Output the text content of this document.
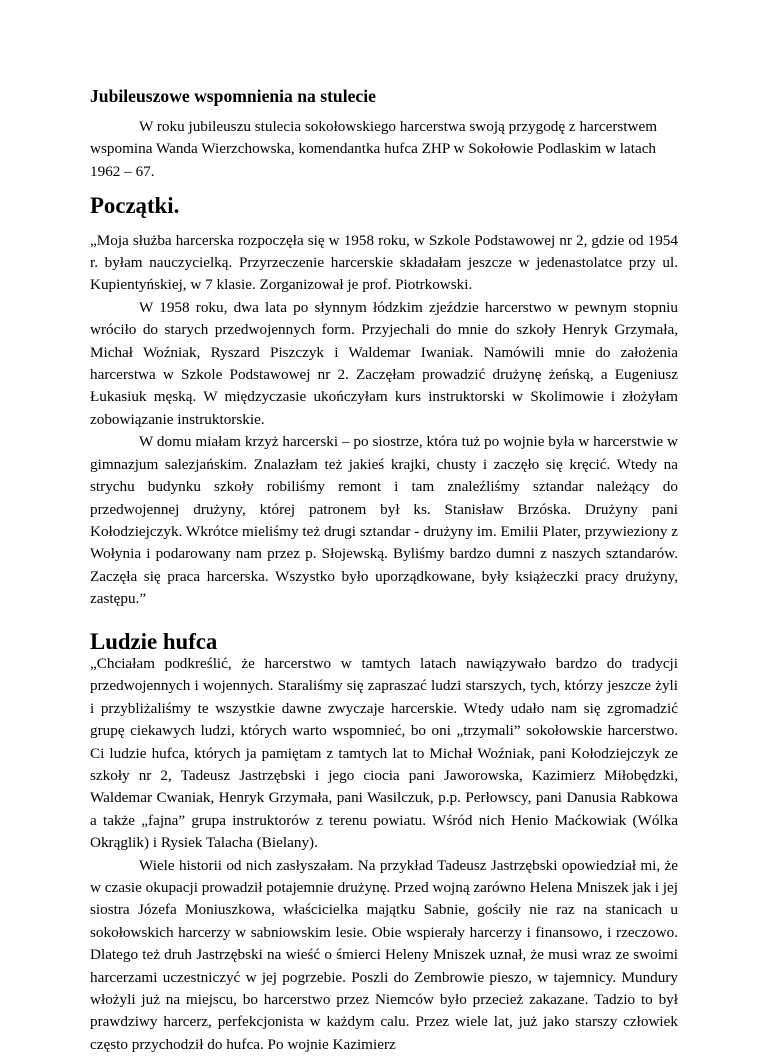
Jubileuszowe wspomnienia na stulecie

W roku jubileuszu stulecia sokołowskiego harcerstwa swoją przygodę z harcerstwem wspomina Wanda Wierzchowska, komendantka hufca ZHP w Sokołowie Podlaskim w latach 1962 – 67.

Początki.

„Moja służba harcerska rozpoczęła się w 1958 roku, w Szkole Podstawowej nr 2, gdzie od 1954 r. byłam nauczycielką. Przyrzeczenie harcerskie składałam jeszcze w jedenastolatce przy ul. Kupientyńskiej, w 7 klasie. Zorganizował je prof. Piotrkowski.

W 1958 roku, dwa lata po słynnym łódzkim zjeździe harcerstwo w pewnym stopniu wróciło do starych przedwojennych form. Przyjechali do mnie do szkoły Henryk Grzymała, Michał Woźniak, Ryszard Piszczyk i Waldemar Iwaniak. Namówili mnie do założenia harcerstwa w Szkole Podstawowej nr 2. Zaczęłam prowadzić drużynę żeńską, a Eugeniusz Łukasiuk męską. W międzyczasie ukończyłam kurs instruktorski w Skolimowie i złożyłam zobowiązanie instruktorskie.

W domu miałam krzyż harcerski – po siostrze, która tuż po wojnie była w harcerstwie w gimnazjum salezjańskim. Znalazłam też jakieś krajki, chusty i zaczęło się kręcić. Wtedy na strychu budynku szkoły robiliśmy remont i tam znaleźliśmy sztandar należący do przedwojennej drużyny, której patronem był ks. Stanisław Brzóska. Drużyny pani Kołodziejczyk. Wkrótce mieliśmy też drugi sztandar - drużyny im. Emilii Plater, przywieziony z Wołynia i podarowany nam przez p. Słojewską. Byliśmy bardzo dumni z naszych sztandarów. Zaczęła się praca harcerska. Wszystko było uporządkowane, były książeczki pracy drużyny, zastępu.”

Ludzie hufca

„Chciałam podkreślić, że harcerstwo w tamtych latach nawiązywało bardzo do tradycji przedwojennych i wojennych. Staraliśmy się zapraszać ludzi starszych, tych, którzy jeszcze żyli i przybliżaliśmy te wszystkie dawne zwyczaje harcerskie. Wtedy udało nam się zgromadzić grupę ciekawych ludzi, których warto wspomnieć, bo oni „trzymali” sokołowskie harcerstwo. Ci ludzie hufca, których ja pamiętam z tamtych lat to Michał Woźniak, pani Kołodziejczyk ze szkoły nr 2, Tadeusz Jastrzębski i jego ciocia pani Jaworowska, Kazimierz Miłobędzki, Waldemar Cwaniak, Henryk Grzymała, pani Wasilczuk, p.p. Perłowscy, pani Danusia Rabkowa a także „fajna” grupa instruktorów z terenu powiatu. Wśród nich Henio Maćkowiak (Wólka Okrąglik) i Rysiek Talacha (Bielany).

Wiele historii od nich zasłyszałam. Na przykład Tadeusz Jastrzębski opowiedział mi, że w czasie okupacji prowadził potajemnie drużynę. Przed wojną zarówno Helena Mniszek jak i jej siostra Józefa Moniuszkowa, właścicielka majątku Sabnie, gościły nie raz na stanicach u sokołowskich harcerzy w sabniowskim lesie. Obie wspierały harcerzy i finansowo, i rzeczowo. Dlatego też druh Jastrzębski na wieść o śmierci Heleny Mniszek uznał, że musi wraz ze swoimi harcerzami uczestniczyć w jej pogrzebie. Poszli do Zembrowie pieszo, w tajemnicy. Mundury włożyli już na miejscu, bo harcerstwo przez Niemców było przecież zakazane. Tadzio to był prawdziwy harcerz, perfekcjonista w każdym calu. Przez wiele lat, już jako starszy człowiek często przychodził do hufca. Po wojnie Kazimierz
